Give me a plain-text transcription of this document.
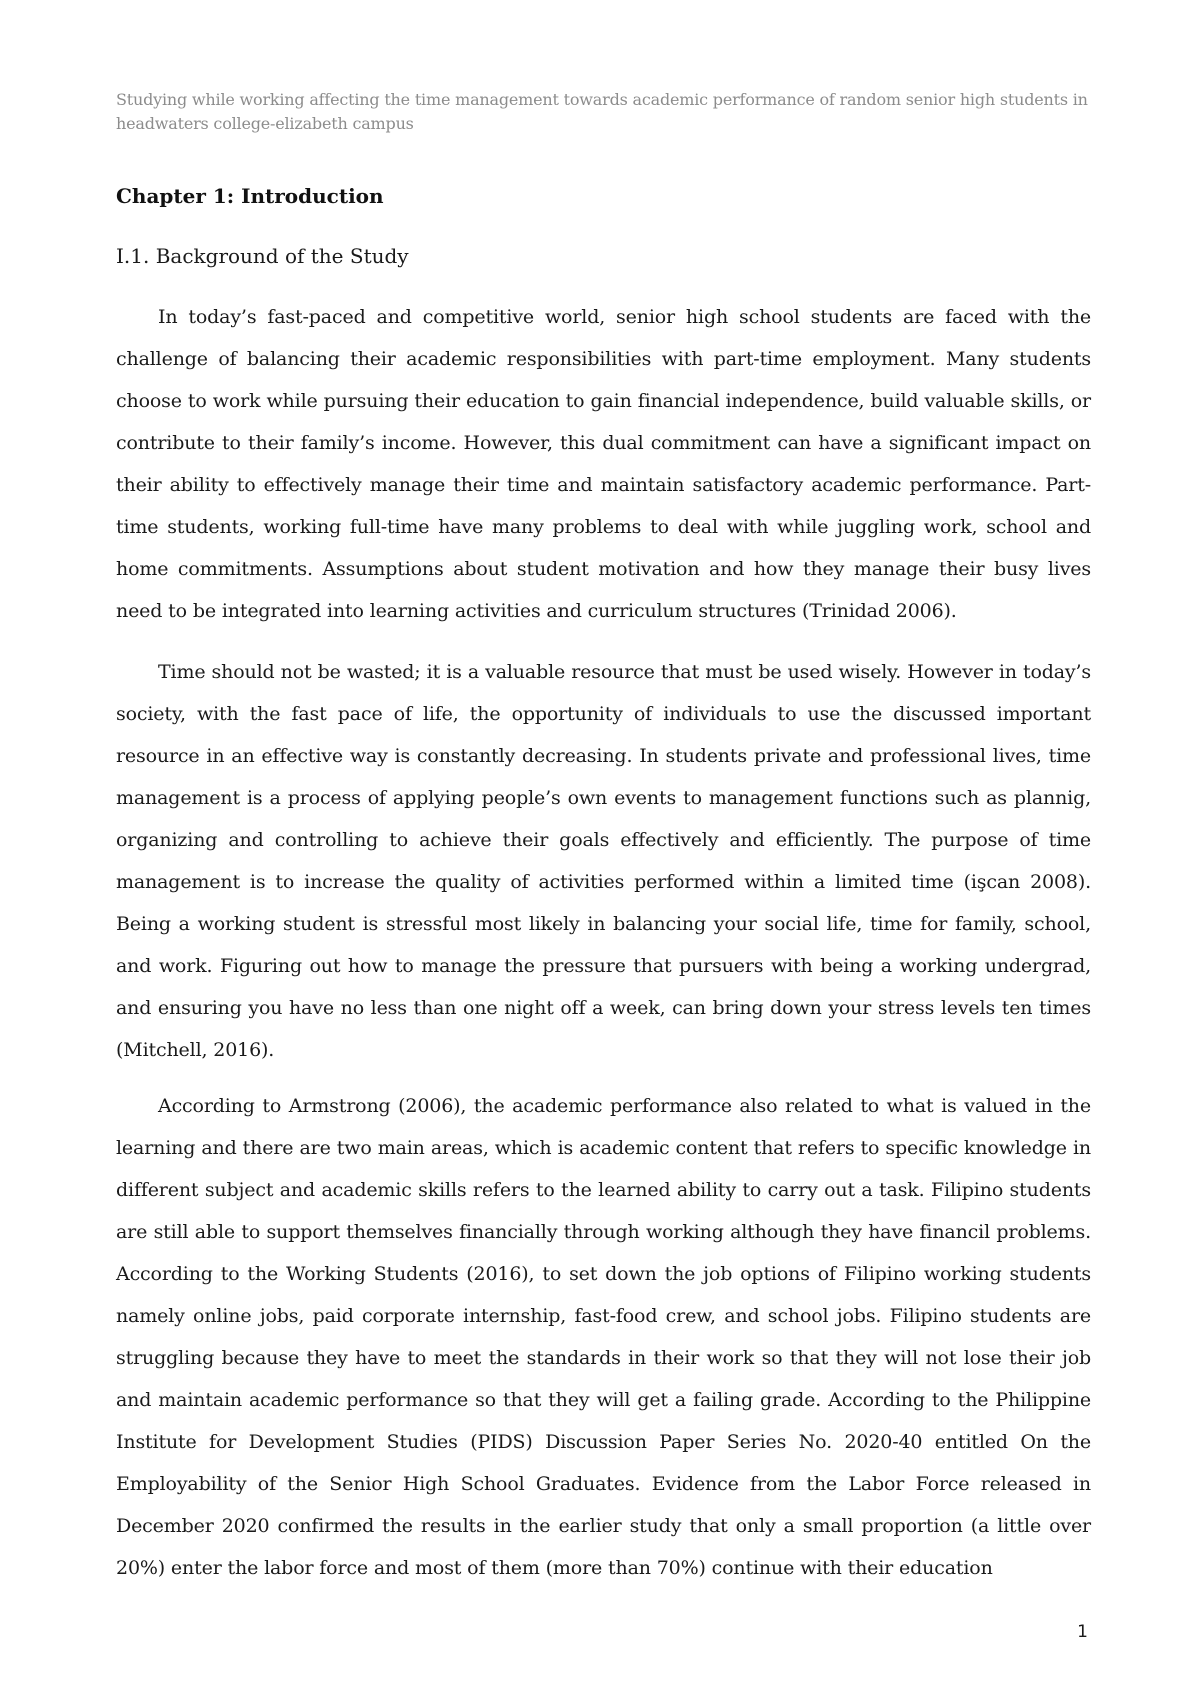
Studying while working affecting the time management towards academic performance of random senior high students in headwaters college-elizabeth campus
Chapter 1: Introduction
I.1. Background of the Study

In today’s fast-paced and competitive world, senior high school students are faced with the challenge of balancing their academic responsibilities with part-time employment. Many students choose to work while pursuing their education to gain financial independence, build valuable skills, or contribute to their family’s income. However, this dual commitment can have a significant impact on their ability to effectively manage their time and maintain satisfactory academic performance. Part-time students, working full-time have many problems to deal with while juggling work, school and home commitments. Assumptions about student motivation and how they manage their busy lives need to be integrated into learning activities and curriculum structures (Trinidad 2006).

Time should not be wasted; it is a valuable resource that must be used wisely. However in today’s society, with the fast pace of life, the opportunity of individuals to use the discussed important resource in an effective way is constantly decreasing. In students private and professional lives, time management is a process of applying people’s own events to management functions such as plannig, organizing and controlling to achieve their goals effectively and efficiently. The purpose of time management is to increase the quality of activities performed within a limited time (işcan 2008). Being a working student is stressful most likely in balancing your social life, time for family, school, and work. Figuring out how to manage the pressure that pursuers with being a working undergrad, and ensuring you have no less than one night off a week, can bring down your stress levels ten times (Mitchell, 2016).

According to Armstrong (2006), the academic performance also related to what is valued in the learning and there are two main areas, which is academic content that refers to specific knowledge in different subject and academic skills refers to the learned ability to carry out a task. Filipino students are still able to support themselves financially through working although they have financil problems. According to the Working Students (2016), to set down the job options of Filipino working students namely online jobs, paid corporate internship, fast-food crew, and school jobs. Filipino students are struggling because they have to meet the standards in their work so that they will not lose their job and maintain academic performance so that they will get a failing grade. According to the Philippine Institute for Development Studies (PIDS) Discussion Paper Series No. 2020-40 entitled On the Employability of the Senior High School Graduates. Evidence from the Labor Force released in December 2020 confirmed the results in the earlier study that only a small proportion (a little over 20%) enter the labor force and most of them (more than 70%) continue with their education

1
